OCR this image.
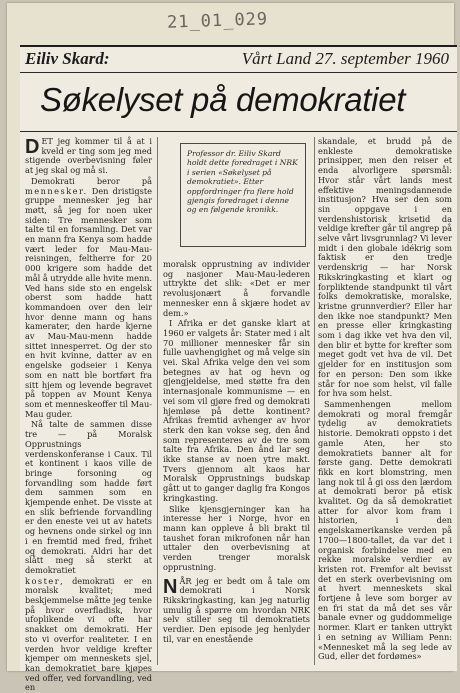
21_01_029
Eiliv Skard:	Vårt Land 27. september 1960
Søkelyset på demokratiet

DET jeg kommer til å at i kveld er ting som jeg med stigende overbevisning føler at jeg skal og må si.

Demokrati beror på mennesker. Den dristigste gruppe mennesker jeg har møtt, så jeg for noen uker siden: Tre mennesker som talte til en forsamling. Det var en mann fra Kenya som hadde vært leder for Mau-Mau-reisningen, feltherre for 20 000 krigere som hadde det mål å utrydde alle hvite menn. Ved hans side sto en engelsk oberst som hadde hatt kommandoen over den leir hvor denne mann og hans kamerater, den harde kjerne av Mau-Mau-menn hadde sittet innesperret. Og der sto en hvit kvinne, datter av en engelske godseier i Kenya som en natt ble bortført fra sitt hjem og levende begravet på toppen av Mount Kenya som et menneskeoffer til Mau-Mau guder.

Nå talte de sammen disse tre — på Moralsk Opprustnings verdenskonferanse i Caux. Til et kontinent i kaos ville de bringe forsoning og forvandling som hadde ført dem sammen som en kjempende enhet. De visste at en slik befriende forvandling er den eneste vei ut av hatets og hevnens onde sirkel og inn i en fremtid med fred, frihet og demokrati. Aldri har det slått meg så sterkt at demokratiet

koster, demokrati er en moralsk kvalitet; med beskjemmelse måtte jeg tenke på hvor overfladisk, hvor ufoplikende vi ofte har snakket om demokrati. Her sto vi overfor realiteter. I en verden hvor veldige krefter kjemper om menneskets sjel, kan demokratiet bare kjøpes ved offer, ved forvandling, ved en

Professor dr. Eiliv Skard holdt dette foredraget i NRK i serien «Søkelyset på demokratiet». Etter oppfordringer fra flere hold gjengis foredraget i denne og en følgende kronikk.

moralsk opprustning av individer og nasjoner Mau-Mau-lederen uttrykte det slik: «Det er mer revolusjonært å forvandle mennesker enn å skjære hodet av dem.»

I Afrika er det ganske klart at 1960 er valgets år: Stater med i alt 70 millioner mennesker får sin fulle uavhengighet og må velge sin vei. Skal Afrika velge den vei som betegnes av hat og hevn og gjengjeldelse, med støtte fra den internasjonale kommunisme — en vei som vil gjøre fred og demokrati hjemløse på dette kontinent? Afrikas fremtid avhenger av hvor sterk den kan vokse seg, den ånd som representeres av de tre som talte fra Afrika. Den ånd lar seg ikke stanse av noen ytre makt. Tvers gjennom alt kaos har Moralsk Opprustnings budskap gått ut to ganger daglig fra Kongos kringkasting.

Slike kjensgjerninger kan ha interesse her i Norge, hvor en mann kan oppleve å bli brakt til taushet foran mikrofonen når han uttaler den overbevisning at verden trenger moralsk opprustning.

NÅR jeg er bedt om å tale om demokrati i Norsk Rikskringkasting, kan jeg naturlig umulig å spørre om hvordan NRK selv stiller seg til demokratiets verdier. Den episode jeg henlyder til, var en enestående

skandale, et brudd på de enkleste demokratiske prinsipper, men den reiser et enda alvorligere spørsmål: Hvor står vårt lands mest effektive meningsdannende institusjon? Hva ser den som sin oppgave i en verdenshistorisk krisetid da veldige krefter går til angrep på selve vårt livsgrunnlag? Vi lever midt i den globale idékrig som faktisk er den tredje verdenskrig — har Norsk Rikskringkasting et klart og forpliktende standpunkt til vårt folks demokratiske, moralske, kristne grunnverdier? Eller har den ikke noe standpunkt? Men en presse eller kringkasting som i dag ikke vet hva den vil, den blir et bytte for krefter som meget godt vet hva de vil. Det gjelder for en institusjon som for en person: Den som ikke står for noe som helst, vil falle for hva som helst.

Sammenhengen mellom demokrati og moral fremgår tydelig av demokratiets historie. Demokrati oppsto i det gamle Aten, her sto demokratiets banner alt for første gang. Dette demokrati fikk en kort blomstring, men lang nok til å gi oss den lærdom at demokrati beror på etisk kvalitet. Og da så demokratiet atter for alvor kom fram i historien, i den engelskamerikanske verden på 1700—1800-tallet, da var det i organisk forbindelse med en rekke moralske verdier av kristen rot. Fremfor alt bevisst det en sterk overbevisning om at hvert menneskets skal fortjene å leve som borger av en fri stat da må det ses vår banale evner og guddommelige normer. Klart er tanken uttrykt i en setning av William Penn: «Mennesket må la seg lede av Gud, eller det fordømes»
